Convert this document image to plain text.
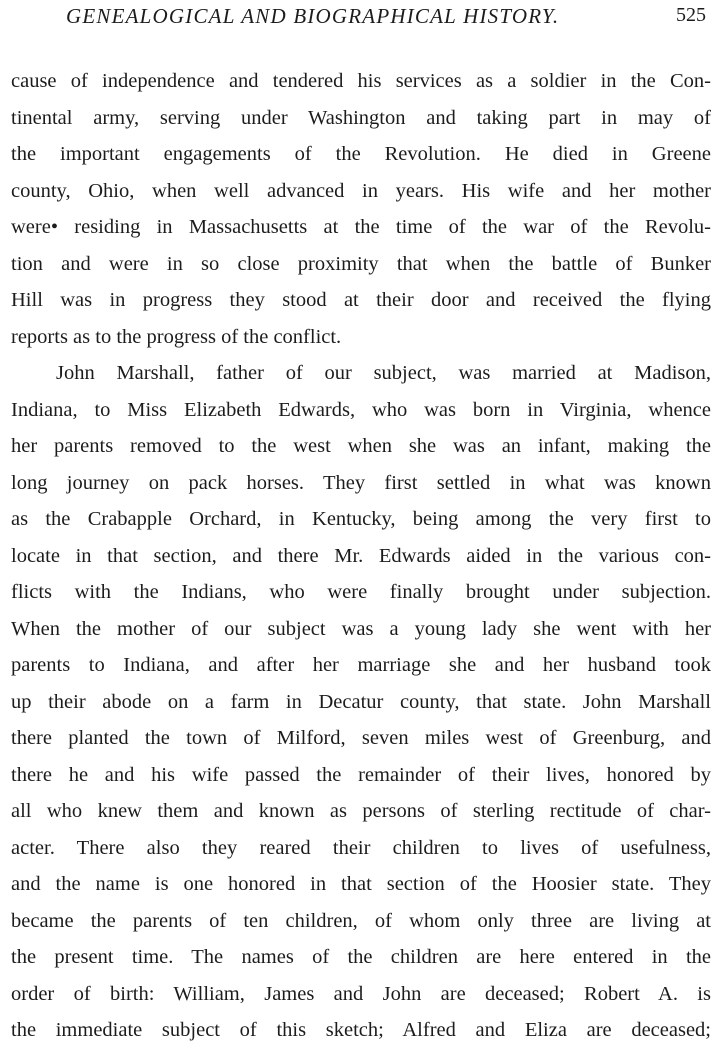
GENEALOGICAL AND BIOGRAPHICAL HISTORY.	525
cause of independence and tendered his services as a soldier in the Con-
tinental army, serving under Washington and taking part in may of
the important engagements of the Revolution. He died in Greene
county, Ohio, when well advanced in years. His wife and her mother
were• residing in Massachusetts at the time of the war of the Revolu-
tion and were in so close proximity that when the battle of Bunker
Hill was in progress they stood at their door and received the flying
reports as to the progress of the conflict.
John Marshall, father of our subject, was married at Madison,
Indiana, to Miss Elizabeth Edwards, who was born in Virginia, whence
her parents removed to the west when she was an infant, making the
long journey on pack horses. They first settled in what was known
as the Crabapple Orchard, in Kentucky, being among the very first to
locate in that section, and there Mr. Edwards aided in the various con-
flicts with the Indians, who were finally brought under subjection.
When the mother of our subject was a young lady she went with her
parents to Indiana, and after her marriage she and her husband took
up their abode on a farm in Decatur county, that state. John Marshall
there planted the town of Milford, seven miles west of Greenburg, and
there he and his wife passed the remainder of their lives, honored by
all who knew them and known as persons of sterling rectitude of char-
acter. There also they reared their children to lives of usefulness,
and the name is one honored in that section of the Hoosier state. They
became the parents of ten children, of whom only three are living at
the present time. The names of the children are here entered in the
order of birth: William, James and John are deceased; Robert A. is
the immediate subject of this sketch; Alfred and Eliza are deceased;
